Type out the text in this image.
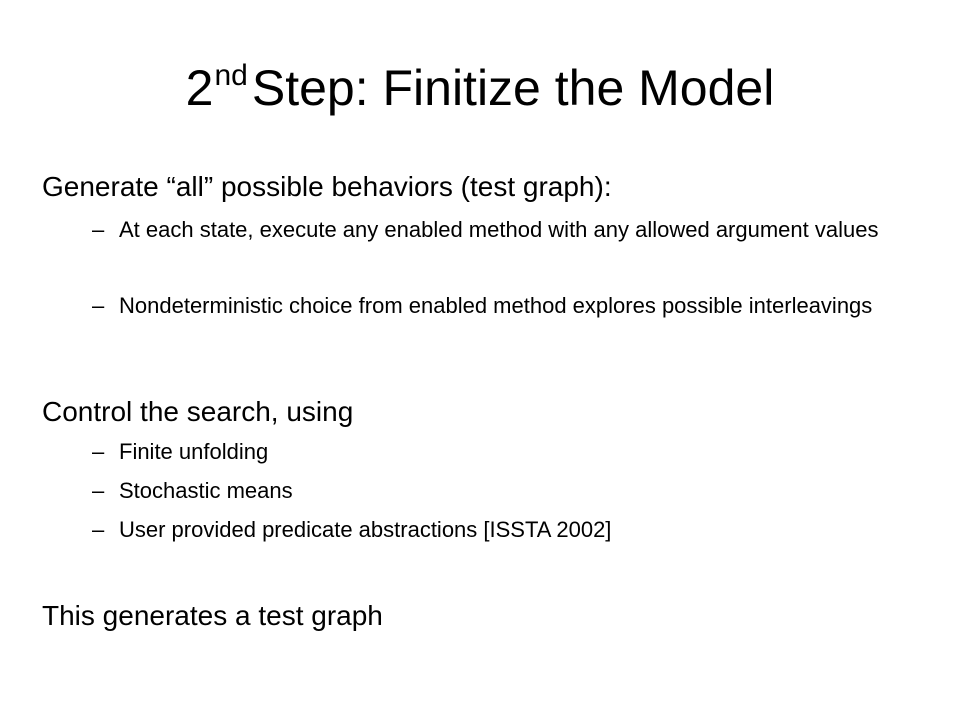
2ndStep: Finitize the Model
Generate “all” possible behaviors (test graph):
– At each state, execute any enabled method with any allowed argument values
– Nondeterministic choice from enabled method explores possible interleavings
Control the search, using
– Finite unfolding
– Stochastic means
– User provided predicate abstractions [ISSTA 2002]
This generates a test graph
